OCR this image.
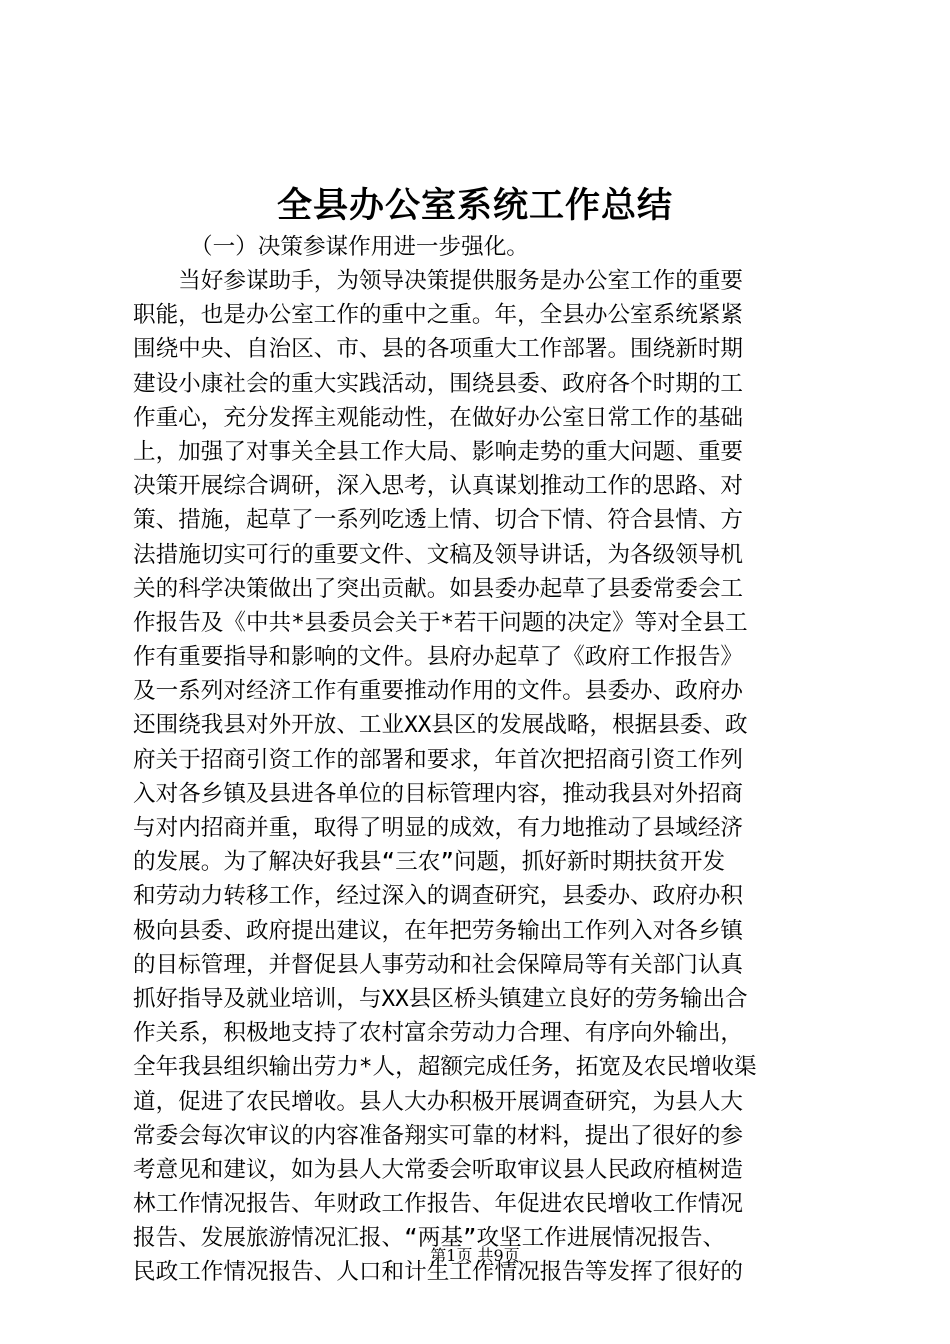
全县办公室系统工作总结

（一）决策参谋作用进一步强化。

　　当好参谋助手，为领导决策提供服务是办公室工作的重要
职能，也是办公室工作的重中之重。年，全县办公室系统紧紧
围绕中央、自治区、市、县的各项重大工作部署。围绕新时期
建设小康社会的重大实践活动，围绕县委、政府各个时期的工
作重心，充分发挥主观能动性，在做好办公室日常工作的基础
上，加强了对事关全县工作大局、影响走势的重大问题、重要
决策开展综合调研，深入思考，认真谋划推动工作的思路、对
策、措施，起草了一系列吃透上情、切合下情、符合县情、方
法措施切实可行的重要文件、文稿及领导讲话，为各级领导机
关的科学决策做出了突出贡献。如县委办起草了县委常委会工
作报告及《中共*县委员会关于*若干问题的决定》等对全县工
作有重要指导和影响的文件。县府办起草了《政府工作报告》
及一系列对经济工作有重要推动作用的文件。县委办、政府办
还围绕我县对外开放、工业XX县区的发展战略，根据县委、政
府关于招商引资工作的部署和要求，年首次把招商引资工作列
入对各乡镇及县进各单位的目标管理内容，推动我县对外招商
与对内招商并重，取得了明显的成效，有力地推动了县域经济
的发展。为了解决好我县“三农”问题，抓好新时期扶贫开发
和劳动力转移工作，经过深入的调查研究，县委办、政府办积
极向县委、政府提出建议，在年把劳务输出工作列入对各乡镇
的目标管理，并督促县人事劳动和社会保障局等有关部门认真
抓好指导及就业培训，与XX县区桥头镇建立良好的劳务输出合
作关系，积极地支持了农村富余劳动力合理、有序向外输出，
全年我县组织输出劳力*人，超额完成任务，拓宽及农民增收渠
道，促进了农民增收。县人大办积极开展调查研究，为县人大
常委会每次审议的内容准备翔实可靠的材料，提出了很好的参
考意见和建议，如为县人大常委会听取审议县人民政府植树造
林工作情况报告、年财政工作报告、年促进农民增收工作情况
报告、发展旅游情况汇报、“两基”攻坚工作进展情况报告、
民政工作情况报告、人口和计生工作情况报告等发挥了很好的

第1页 共9页
